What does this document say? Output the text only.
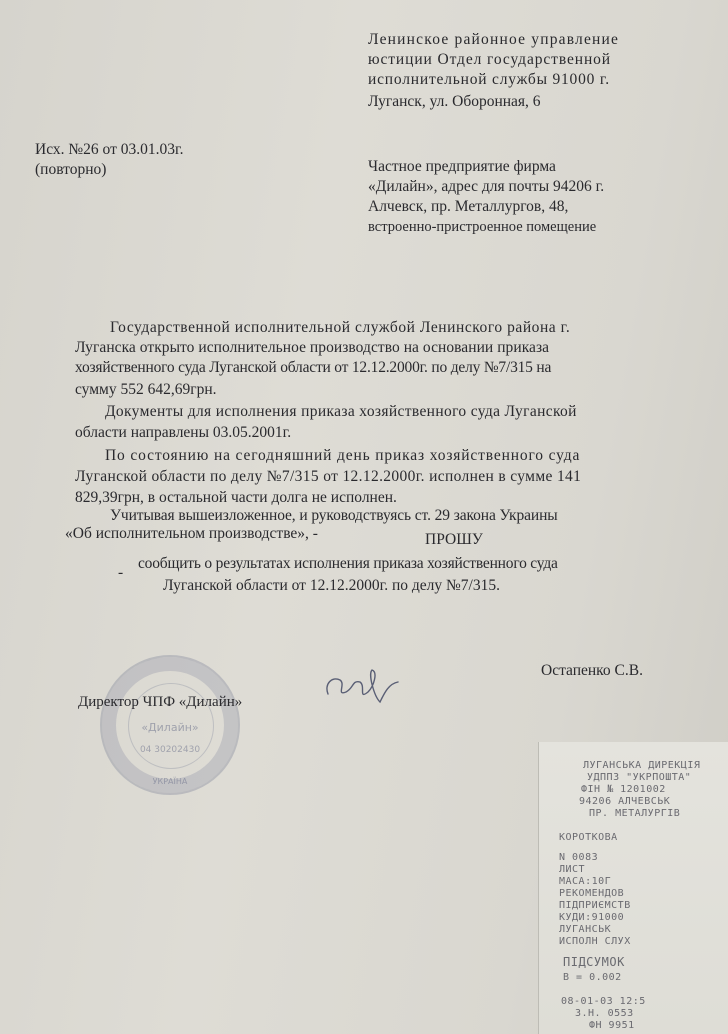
Ленинское районное управление
юстиции Отдел государственной
исполнительной службы 91000 г.
Луганск, ул. Оборонная, 6
Исх. №26 от 03.01.03г.
(повторно)	Частное предприятие фирма
«Дилайн», адрес для почты 94206 г.
Алчевск, пр. Металлургов, 48,
встроенно-пристроенное помещение
Государственной исполнительной службой Ленинского района г.
Луганска открыто исполнительное производство на основании приказа
хозяйственного суда Луганской области от 12.12.2000г. по делу №7/315 на
сумму 552 642,69грн.
Документы для исполнения приказа хозяйственного суда Луганской
области направлены 03.05.2001г.
По состоянию на сегодняшний день приказ хозяйственного суда
Луганской области по делу №7/315 от 12.12.2000г. исполнен в сумме 141
829,39грн, в остальной части долга не исполнен.
Учитывая вышеизложенное, и руководствуясь ст. 29 закона Украины
«Об исполнительном производстве», -	ПРОШУ
-
сообщить о результатах исполнения приказа хозяйственного суда
Луганской области от 12.12.2000г. по делу №7/315.
«Дилайн»
04 30202430
УКРАЇНА
Директор ЧПФ «Дилайн»
Остапенко С.В.
ЛУГАНСЬКА ДИРЕКЦІЯ
УДППЗ "УКРПОШТА"
ФІН № 1201002
94206 АЛЧЕВСЬК
ПР. МЕТАЛУРГІВ
КОРОТКОВА
N 0083
ЛИСТ
МАСА:10Г
РЕКОМЕНДОВ
ПІДПРИЄМСТВ
КУДИ:91000
ЛУГАНСЬК
ИСПОЛН СЛУХ
ПІДСУМОК
В = 0.002
08-01-03 12:5
З.Н. 0553
ФН 9951
